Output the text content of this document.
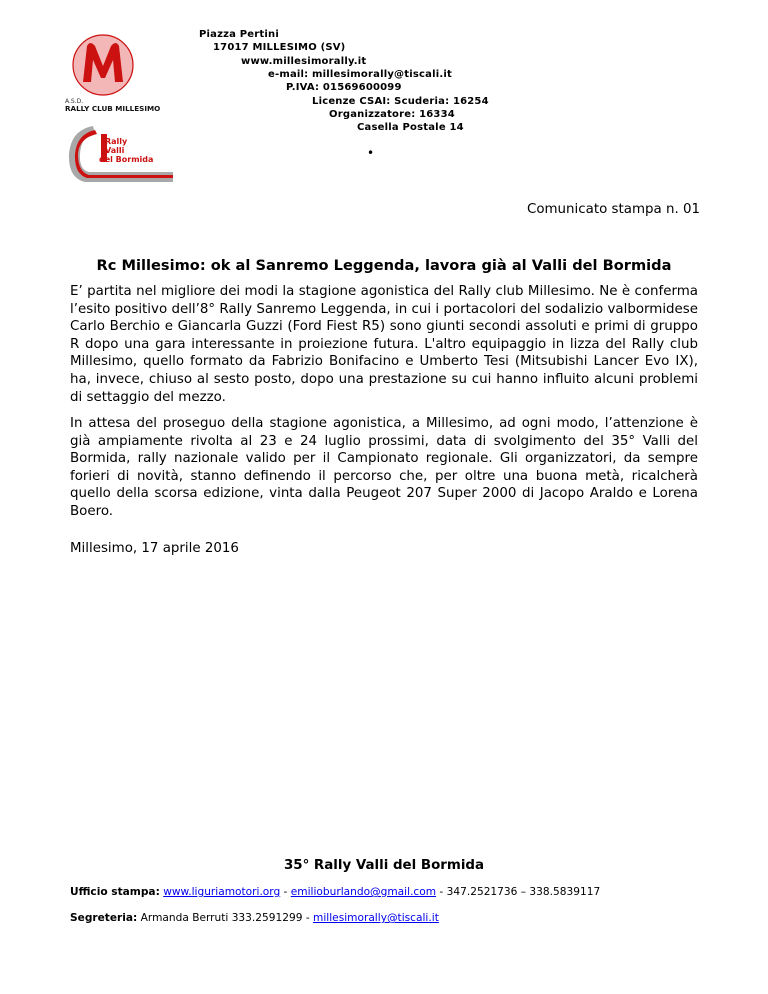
A.S.D.
RALLY CLUB MILLESIMO
Rally
Valli
del Bormida
Piazza Pertini
17017 MILLESIMO (SV)
www.millesimorally.it
e-mail: millesimorally@tiscali.it
P.IVA: 01569600099
Licenze CSAI: Scuderia: 16254
Organizzatore: 16334
Casella Postale 14
•
Comunicato stampa n. 01
Rc Millesimo: ok al Sanremo Leggenda, lavora già al Valli del Bormida

E’ partita nel migliore dei modi la stagione agonistica del Rally club Millesimo. Ne è conferma l’esito positivo dell’8° Rally Sanremo Leggenda, in cui i portacolori del sodalizio valbormidese Carlo Berchio e Giancarla Guzzi (Ford Fiest R5) sono giunti secondi assoluti e primi di gruppo R dopo una gara interessante in proiezione futura. L'altro equipaggio in lizza del Rally club Millesimo, quello formato da Fabrizio Bonifacino e Umberto Tesi (Mitsubishi Lancer Evo IX), ha, invece, chiuso al sesto posto, dopo una prestazione su cui hanno influito alcuni problemi di settaggio del mezzo.

In attesa del proseguo della stagione agonistica, a Millesimo, ad ogni modo, l’attenzione è già ampiamente rivolta al 23 e 24 luglio prossimi, data di svolgimento del 35° Valli del Bormida, rally nazionale valido per il Campionato regionale. Gli organizzatori, da sempre forieri di novità, stanno definendo il percorso che, per oltre una buona metà, ricalcherà quello della scorsa edizione, vinta dalla Peugeot 207 Super 2000 di Jacopo Araldo e Lorena Boero.

Millesimo, 17 aprile 2016
35° Rally Valli del Bormida
Ufficio stampa: www.liguriamotori.org - emilioburlando@gmail.com - 347.2521736 – 338.5839117
Segreteria: Armanda Berruti 333.2591299 - millesimorally@tiscali.it
